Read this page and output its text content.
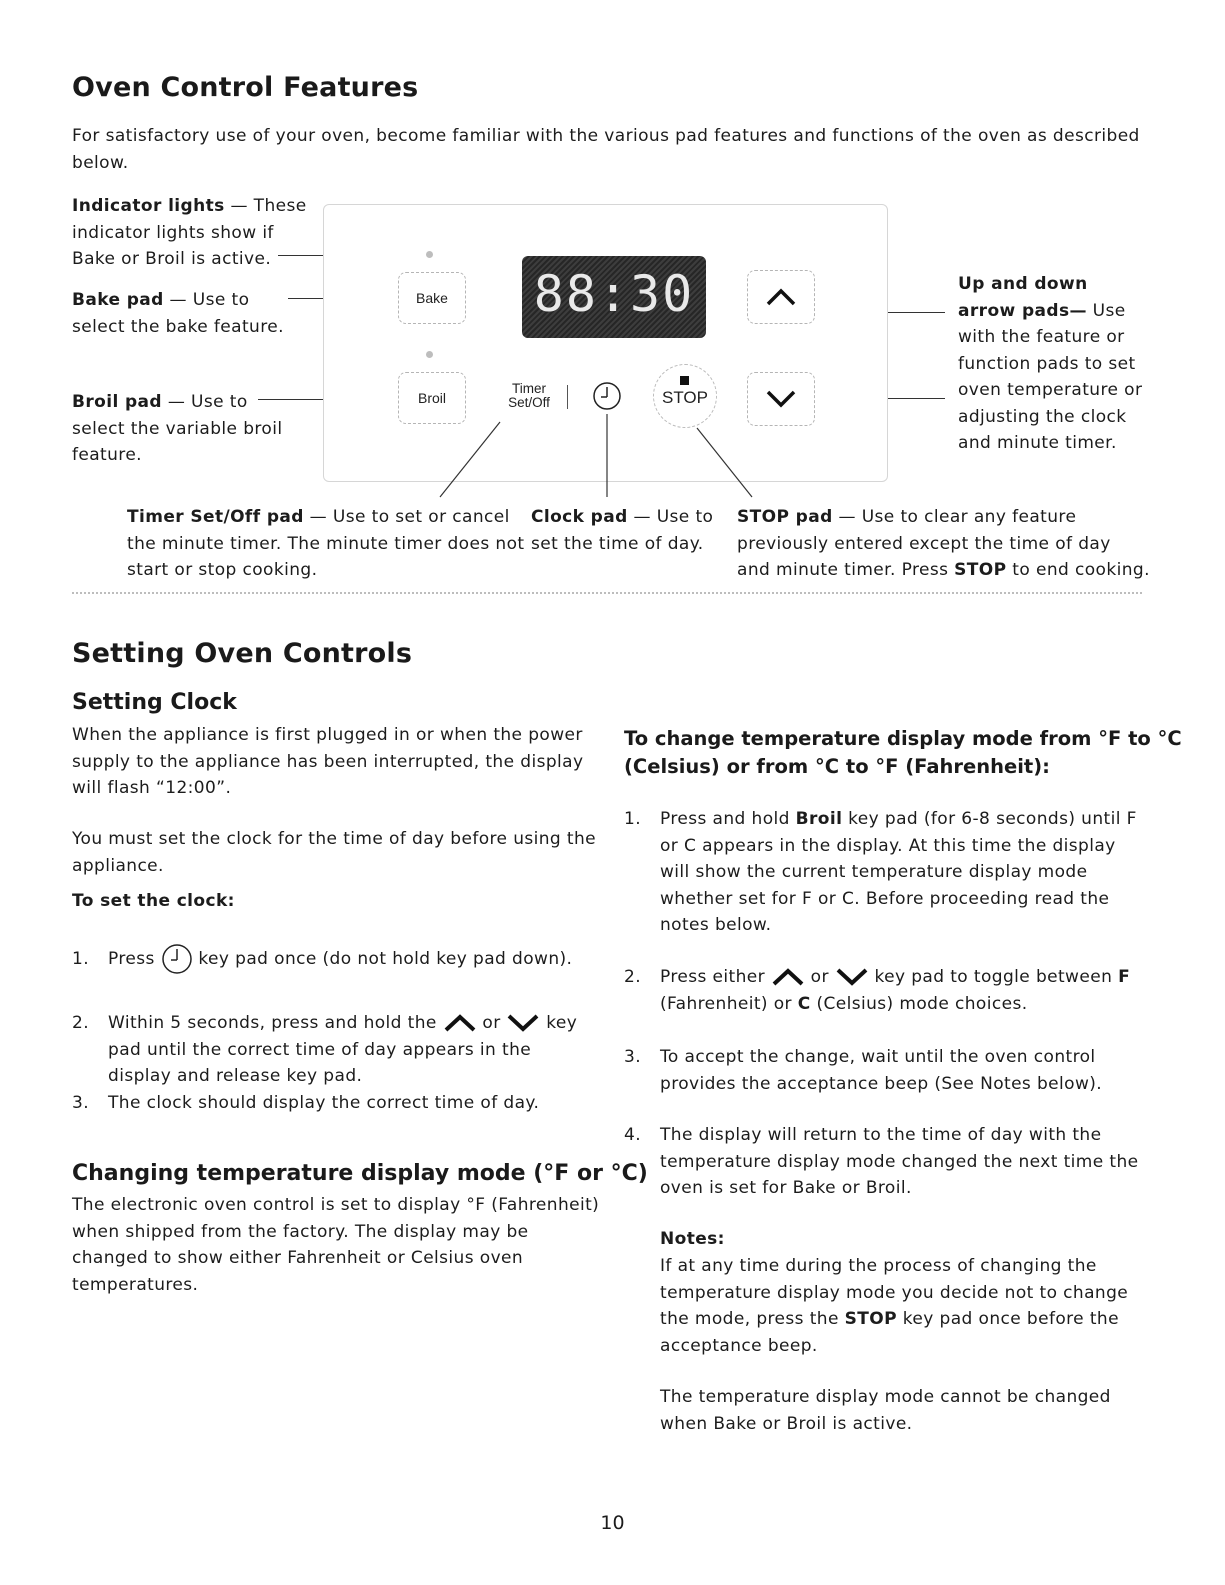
Oven Control Features
For satisfactory use of your oven, become familiar with the various pad features and functions of the oven as described below.
Indicator lights — These
indicator lights show if
Bake or Broil is active.
Bake pad — Use to
select the bake feature.
Broil pad — Use to
select the variable broil
feature.
Up and down
arrow pads— Use
with the feature or
function pads to set
oven temperature or
adjusting the clock
and minute timer.
Bake
Broil
88:30
Timer
Set/Off	STOP
Timer Set/Off pad — Use to set or cancel
the minute timer. The minute timer does not
start or stop cooking.
Clock pad — Use to
set the time of day.
STOP pad — Use to clear any feature
previously entered except the time of day
and minute timer. Press STOP to end cooking.
Setting Oven Controls
Setting Clock
When the appliance is first plugged in or when the power
supply to the appliance has been interrupted, the display
will flash “12:00”.
You must set the clock for the time of day before using the
appliance.
To set the clock:
1. Press	key pad once (do not hold key pad down).
2. Within 5 seconds, press and hold the	or	key
pad until the correct time of day appears in the
display and release key pad.
3. The clock should display the correct time of day.
Changing temperature display mode (°F or °C)
The electronic oven control is set to display °F (Fahrenheit)
when shipped from the factory. The display may be
changed to show either Fahrenheit or Celsius oven
temperatures.
To change temperature display mode from °F to °C
(Celsius) or from °C to °F (Fahrenheit):
1. Press and hold Broil key pad (for 6-8 seconds) until F
or C appears in the display. At this time the display
will show the current temperature display mode
whether set for F or C. Before proceeding read the
notes below.
2. Press either	or	key pad to toggle between F
(Fahrenheit) or C (Celsius) mode choices.
3. To accept the change, wait until the oven control
provides the acceptance beep (See Notes below).
4. The display will return to the time of day with the
temperature display mode changed the next time the
oven is set for Bake or Broil.
Notes:
If at any time during the process of changing the
temperature display mode you decide not to change
the mode, press the STOP key pad once before the
acceptance beep.
The temperature display mode cannot be changed
when Bake or Broil is active.
10
